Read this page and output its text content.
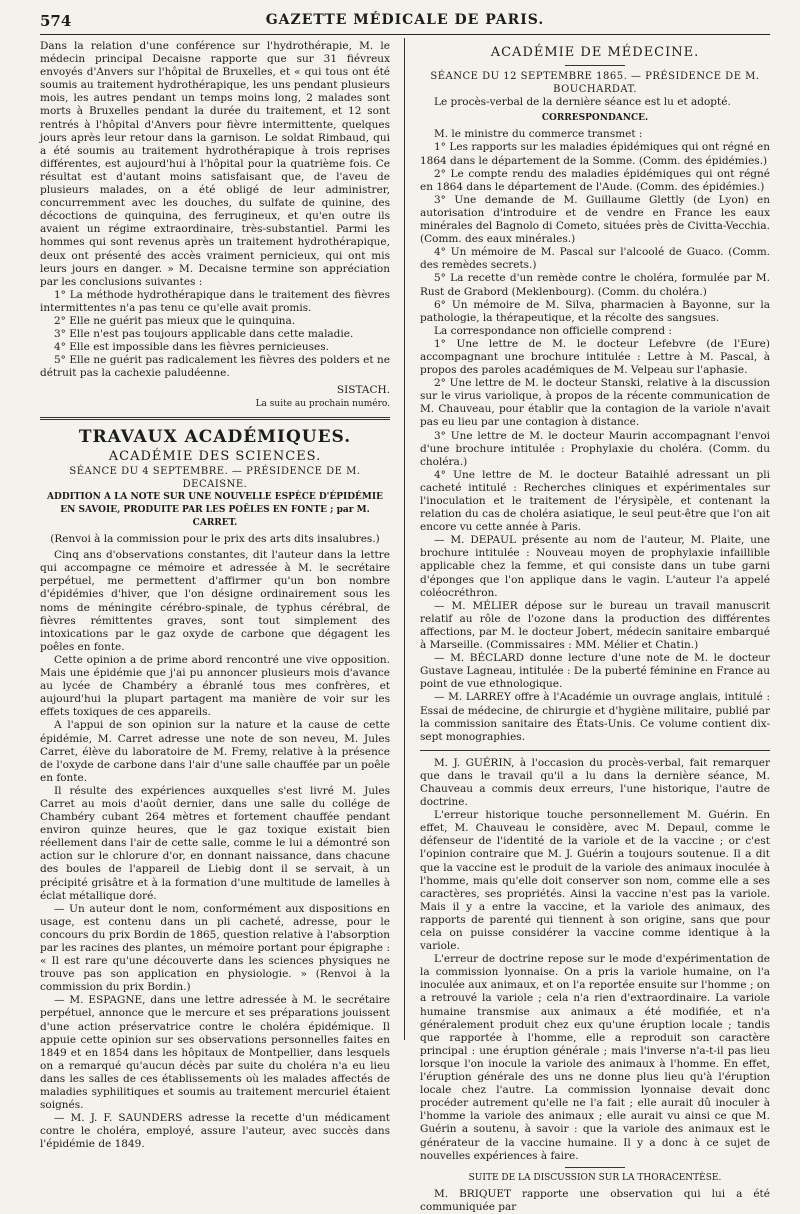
574	GAZETTE MÉDICALE DE PARIS.

Dans la relation d'une conférence sur l'hydrothérapie, M. le médecin principal Decaisne rapporte que sur 31 fiévreux envoyés d'Anvers sur l'hôpital de Bruxelles, et « qui tous ont été soumis au traitement hydrothérapique, les uns pendant plusieurs mois, les autres pendant un temps moins long, 2 malades sont morts à Bruxelles pendant la durée du traitement, et 12 sont rentrés à l'hôpital d'Anvers pour fièvre intermittente, quelques jours après leur retour dans la garnison. Le soldat Rimbaud, qui a été soumis au traitement hydrothérapique à trois reprises différentes, est aujourd'hui à l'hôpital pour la quatrième fois. Ce résultat est d'autant moins satisfaisant que, de l'aveu de plusieurs malades, on a été obligé de leur administrer, concurremment avec les douches, du sulfate de quinine, des décoctions de quinquina, des ferrugineux, et qu'en outre ils avaient un régime extraordinaire, très-substantiel. Parmi les hommes qui sont revenus après un traitement hydrothérapique, deux ont présenté des accès vraiment pernicieux, qui ont mis leurs jours en danger. » M. Decaisne termine son appréciation par les conclusions suivantes :

1° La méthode hydrothérapique dans le traitement des fièvres intermittentes n'a pas tenu ce qu'elle avait promis.

2° Elle ne guérit pas mieux que le quinquina.

3° Elle n'est pas toujours applicable dans cette maladie.

4° Elle est impossible dans les fièvres pernicieuses.

5° Elle ne guérit pas radicalement les fièvres des polders et ne détruit pas la cachexie paludéenne.

SISTACH.

La suite au prochain numéro.

TRAVAUX ACADÉMIQUES.

ACADÉMIE DES SCIENCES.

SÉANCE DU 4 SEPTEMBRE. — PRÉSIDENCE DE M. DECAISNE.

ADDITION A LA NOTE SUR UNE NOUVELLE ESPÈCE D'ÉPIDÉMIE EN SAVOIE, PRODUITE PAR LES POÊLES EN FONTE ; par M. CARRET.

(Renvoi à la commission pour le prix des arts dits insalubres.)

Cinq ans d'observations constantes, dit l'auteur dans la lettre qui accompagne ce mémoire et adressée à M. le secrétaire perpétuel, me permettent d'affirmer qu'un bon nombre d'épidémies d'hiver, que l'on désigne ordinairement sous les noms de méningite cérébro-spinale, de typhus cérébral, de fièvres rémittentes graves, sont tout simplement des intoxications par le gaz oxyde de carbone que dégagent les poêles en fonte.

Cette opinion a de prime abord rencontré une vive opposition. Mais une épidémie que j'ai pu annoncer plusieurs mois d'avance au lycée de Chambéry a ébranlé tous mes confrères, et aujourd'hui la plupart partagent ma manière de voir sur les effets toxiques de ces appareils.

A l'appui de son opinion sur la nature et la cause de cette épidémie, M. Carret adresse une note de son neveu, M. Jules Carret, élève du laboratoire de M. Fremy, relative à la présence de l'oxyde de carbone dans l'air d'une salle chauffée par un poêle en fonte.

Il résulte des expériences auxquelles s'est livré M. Jules Carret au mois d'août dernier, dans une salle du collége de Chambéry cubant 264 mètres et fortement chauffée pendant environ quinze heures, que le gaz toxique existait bien réellement dans l'air de cette salle, comme le lui a démontré son action sur le chlorure d'or, en donnant naissance, dans chacune des boules de l'appareil de Liebig dont il se servait, à un précipité grisâtre et à la formation d'une multitude de lamelles à éclat métallique doré.

— Un auteur dont le nom, conformément aux dispositions en usage, est contenu dans un pli cacheté, adresse, pour le concours du prix Bordin de 1865, question relative à l'absorption par les racines des plantes, un mémoire portant pour épigraphe : « Il est rare qu'une découverte dans les sciences physiques ne trouve pas son application en physiologie. » (Renvoi à la commission du prix Bordin.)

— M. ESPAGNE, dans une lettre adressée à M. le secrétaire perpétuel, annonce que le mercure et ses préparations jouissent d'une action préservatrice contre le choléra épidémique. Il appuie cette opinion sur ses observations personnelles faites en 1849 et en 1854 dans les hôpitaux de Montpellier, dans lesquels on a remarqué qu'aucun décès par suite du choléra n'a eu lieu dans les salles de ces établissements où les malades affectés de maladies syphilitiques et soumis au traitement mercuriel étaient soignés.

— M. J. F. SAUNDERS adresse la recette d'un médicament contre le choléra, employé, assure l'auteur, avec succès dans l'épidémie de 1849.

ACADÉMIE DE MÉDECINE.

SÉANCE DU 12 SEPTEMBRE 1865. — PRÉSIDENCE DE M. BOUCHARDAT.

Le procès-verbal de la dernière séance est lu et adopté.

CORRESPONDANCE.

M. le ministre du commerce transmet :

1° Les rapports sur les maladies épidémiques qui ont régné en 1864 dans le département de la Somme. (Comm. des épidémies.)

2° Le compte rendu des maladies épidémiques qui ont régné en 1864 dans le département de l'Aude. (Comm. des épidémies.)

3° Une demande de M. Guillaume Glettly (de Lyon) en autorisation d'introduire et de vendre en France les eaux minérales del Bagnolo di Cometo, situées près de Civitta-Vecchia. (Comm. des eaux minérales.)

4° Un mémoire de M. Pascal sur l'alcoolé de Guaco. (Comm. des remèdes secrets.)

5° La recette d'un remède contre le choléra, formulée par M. Rust de Grabord (Meklenbourg). (Comm. du choléra.)

6° Un mémoire de M. Silva, pharmacien à Bayonne, sur la pathologie, la thérapeutique, et la récolte des sangsues.

La correspondance non officielle comprend :

1° Une lettre de M. le docteur Lefebvre (de l'Eure) accompagnant une brochure intitulée : Lettre à M. Pascal, à propos des paroles académiques de M. Velpeau sur l'aphasie.

2° Une lettre de M. le docteur Stanski, relative à la discussion sur le virus variolique, à propos de la récente communication de M. Chauveau, pour établir que la contagion de la variole n'avait pas eu lieu par une contagion à distance.

3° Une lettre de M. le docteur Maurin accompagnant l'envoi d'une brochure intitulée : Prophylaxie du choléra. (Comm. du choléra.)

4° Une lettre de M. le docteur Bataihlé adressant un pli cacheté intitulé : Recherches cliniques et expérimentales sur l'inoculation et le traitement de l'érysipèle, et contenant la relation du cas de choléra asiatique, le seul peut-être que l'on ait encore vu cette année à Paris.

— M. DEPAUL présente au nom de l'auteur, M. Plaite, une brochure intitulée : Nouveau moyen de prophylaxie infaillible applicable chez la femme, et qui consiste dans un tube garni d'éponges que l'on applique dans le vagin. L'auteur l'a appelé coléocréthron.

— M. MÉLIER dépose sur le bureau un travail manuscrit relatif au rôle de l'ozone dans la production des différentes affections, par M. le docteur Jobert, médecin sanitaire embarqué à Marseille. (Commissaires : MM. Mélier et Chatin.)

— M. BÉCLARD donne lecture d'une note de M. le docteur Gustave Lagneau, intitulée : De la puberté féminine en France au point de vue ethnologique.

— M. LARREY offre à l'Académie un ouvrage anglais, intitulé : Essai de médecine, de chirurgie et d'hygiène militaire, publié par la commission sanitaire des États-Unis. Ce volume contient dix-sept monographies.

M. J. GUÉRIN, à l'occasion du procès-verbal, fait remarquer que dans le travail qu'il a lu dans la dernière séance, M. Chauveau a commis deux erreurs, l'une historique, l'autre de doctrine.

L'erreur historique touche personnellement M. Guérin. En effet, M. Chauveau le considère, avec M. Depaul, comme le défenseur de l'identité de la variole et de la vaccine ; or c'est l'opinion contraire que M. J. Guérin a toujours soutenue. Il a dit que la vaccine est le produit de la variole des animaux inoculée à l'homme, mais qu'elle doit conserver son nom, comme elle a ses caractères, ses propriétés. Ainsi la vaccine n'est pas la variole. Mais il y a entre la vaccine, et la variole des animaux, des rapports de parenté qui tiennent à son origine, sans que pour cela on puisse considérer la vaccine comme identique à la variole.

L'erreur de doctrine repose sur le mode d'expérimentation de la commission lyonnaise. On a pris la variole humaine, on l'a inoculée aux animaux, et on l'a reportée ensuite sur l'homme ; on a retrouvé la variole ; cela n'a rien d'extraordinaire. La variole humaine transmise aux animaux a été modifiée, et n'a généralement produit chez eux qu'une éruption locale ; tandis que rapportée à l'homme, elle a reproduit son caractère principal : une éruption générale ; mais l'inverse n'a-t-il pas lieu lorsque l'on inocule la variole des animaux à l'homme. En effet, l'éruption générale des uns ne donne plus lieu qu'à l'éruption locale chez l'autre. La commission lyonnaise devait donc procéder autrement qu'elle ne l'a fait ; elle aurait dû inoculer à l'homme la variole des animaux ; elle aurait vu ainsi ce que M. Guérin a soutenu, à savoir : que la variole des animaux est le générateur de la vaccine humaine. Il y a donc à ce sujet de nouvelles expériences à faire.

SUITE DE LA DISCUSSION SUR LA THORACENTÈSE.

M. BRIQUET rapporte une observation qui lui a été communiquée par
